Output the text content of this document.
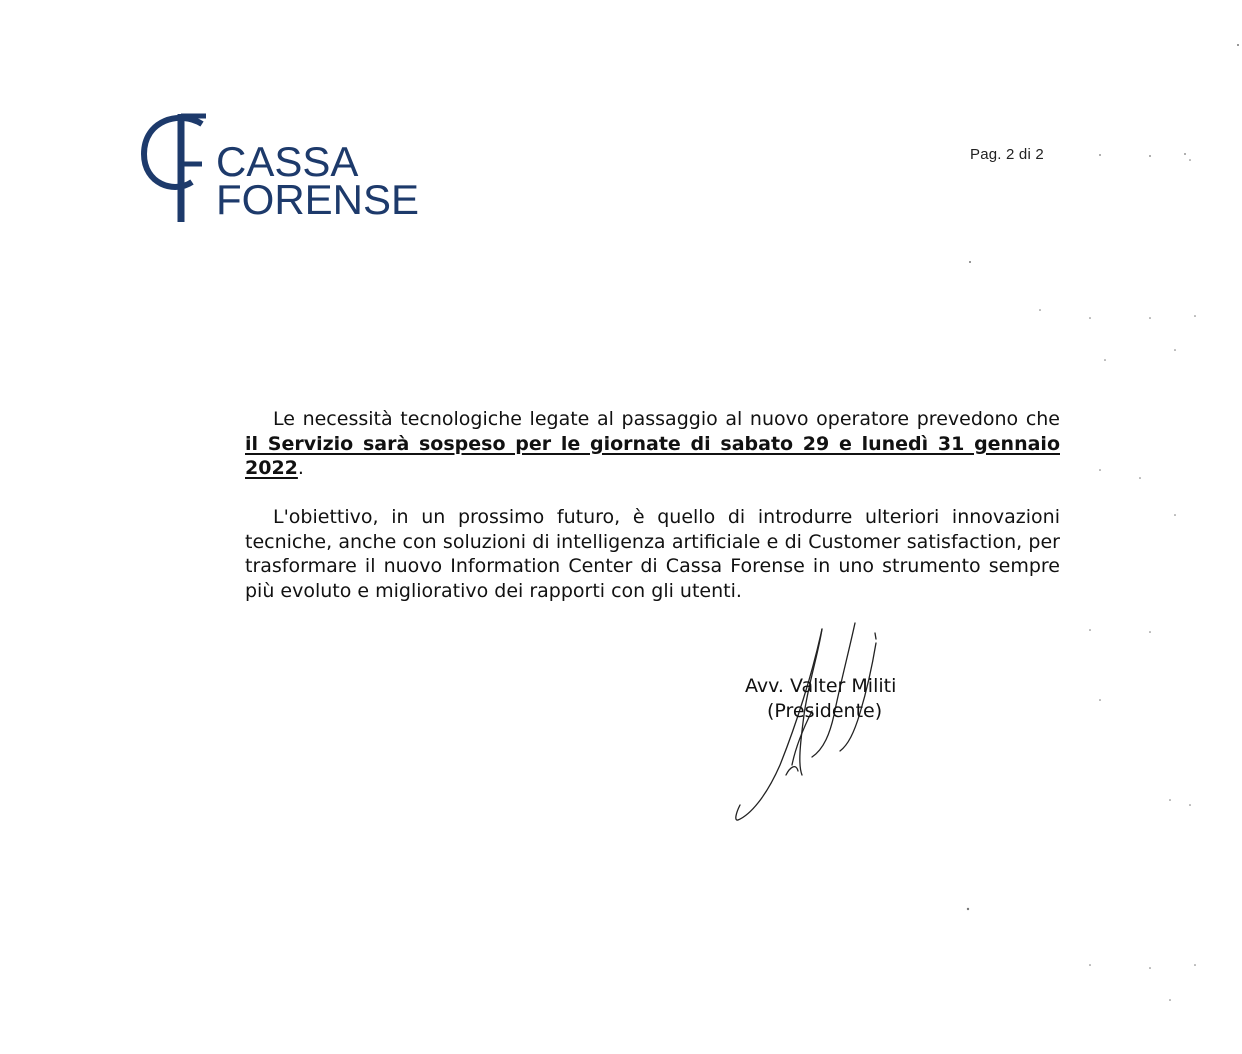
CASSA
FORENSE
Pag. 2 di 2
Le necessità tecnologiche legate al passaggio al nuovo operatore prevedono che il Servizio sarà sospeso per le giornate di sabato 29 e lunedì 31 gennaio 2022.
L'obiettivo, in un prossimo futuro, è quello di introdurre ulteriori innovazioni tecniche, anche con soluzioni di intelligenza artificiale e di Customer satisfaction, per trasformare il nuovo Information Center di Cassa Forense in uno strumento sempre più evoluto e migliorativo dei rapporti con gli utenti.
Avv. Valter Militi
(Presidente)
